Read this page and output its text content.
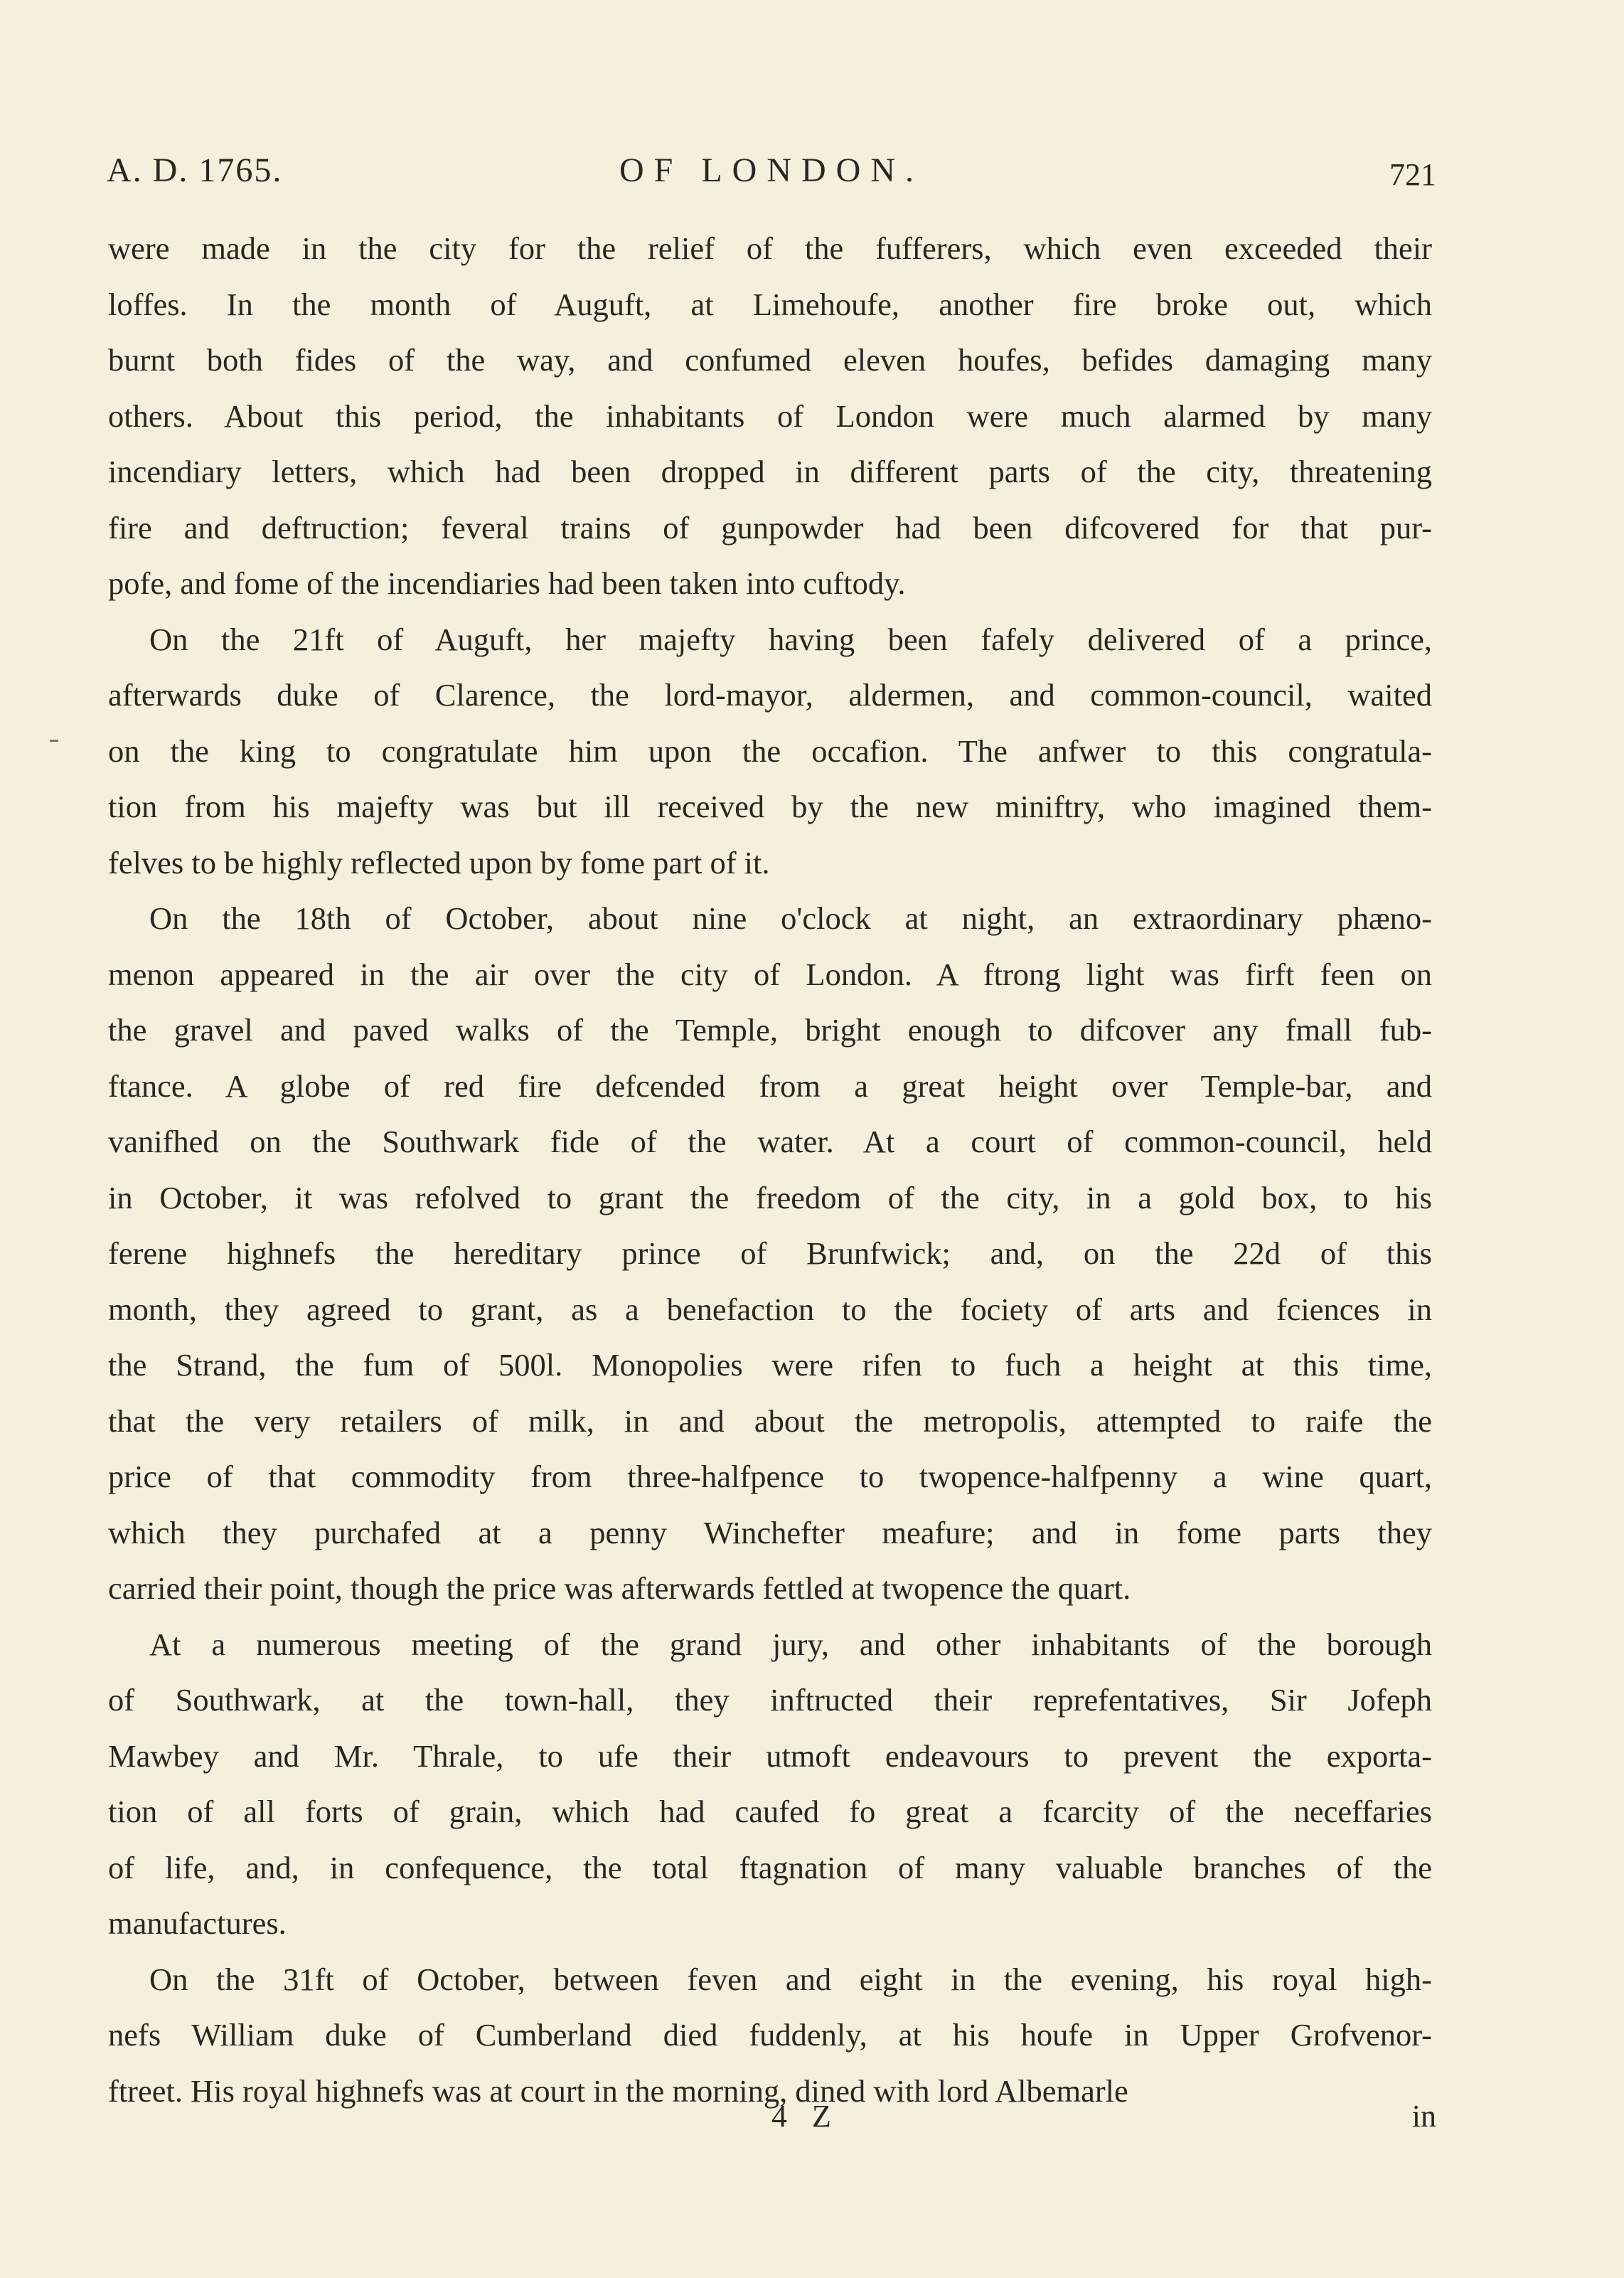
A. D. 1765.	OF LONDON.	721
were made in the city for the relief of the fufferers, which even exceeded their
loffes. In the month of Auguft, at Limehoufe, another fire broke out, which
burnt both fides of the way, and confumed eleven houfes, befides damaging many
others. About this period, the inhabitants of London were much alarmed by many
incendiary letters, which had been dropped in different parts of the city, threatening
fire and deftruction; feveral trains of gunpowder had been difcovered for that pur-
pofe, and fome of the incendiaries had been taken into cuftody.
On the 21ft of Auguft, her majefty having been fafely delivered of a prince,
afterwards duke of Clarence, the lord-mayor, aldermen, and common-council, waited
on the king to congratulate him upon the occafion. The anfwer to this congratula-
tion from his majefty was but ill received by the new miniftry, who imagined them-
felves to be highly reflected upon by fome part of it.
On the 18th of October, about nine o'clock at night, an extraordinary phæno-
menon appeared in the air over the city of London. A ftrong light was firft feen on
the gravel and paved walks of the Temple, bright enough to difcover any fmall fub-
ftance. A globe of red fire defcended from a great height over Temple-bar, and
vanifhed on the Southwark fide of the water. At a court of common-council, held
in October, it was refolved to grant the freedom of the city, in a gold box, to his
ferene highnefs the hereditary prince of Brunfwick; and, on the 22d of this
month, they agreed to grant, as a benefaction to the fociety of arts and fciences in
the Strand, the fum of 500l. Monopolies were rifen to fuch a height at this time,
that the very retailers of milk, in and about the metropolis, attempted to raife the
price of that commodity from three-halfpence to twopence-halfpenny a wine quart,
which they purchafed at a penny Winchefter meafure; and in fome parts they
carried their point, though the price was afterwards fettled at twopence the quart.
At a numerous meeting of the grand jury, and other inhabitants of the borough
of Southwark, at the town-hall, they inftructed their reprefentatives, Sir Jofeph
Mawbey and Mr. Thrale, to ufe their utmoft endeavours to prevent the exporta-
tion of all forts of grain, which had caufed fo great a fcarcity of the neceffaries
of life, and, in confequence, the total ftagnation of many valuable branches of the
manufactures.
On the 31ft of October, between feven and eight in the evening, his royal high-
nefs William duke of Cumberland died fuddenly, at his houfe in Upper Grofvenor-
ftreet. His royal highnefs was at court in the morning, dined with lord Albemarle
4 Z	in
